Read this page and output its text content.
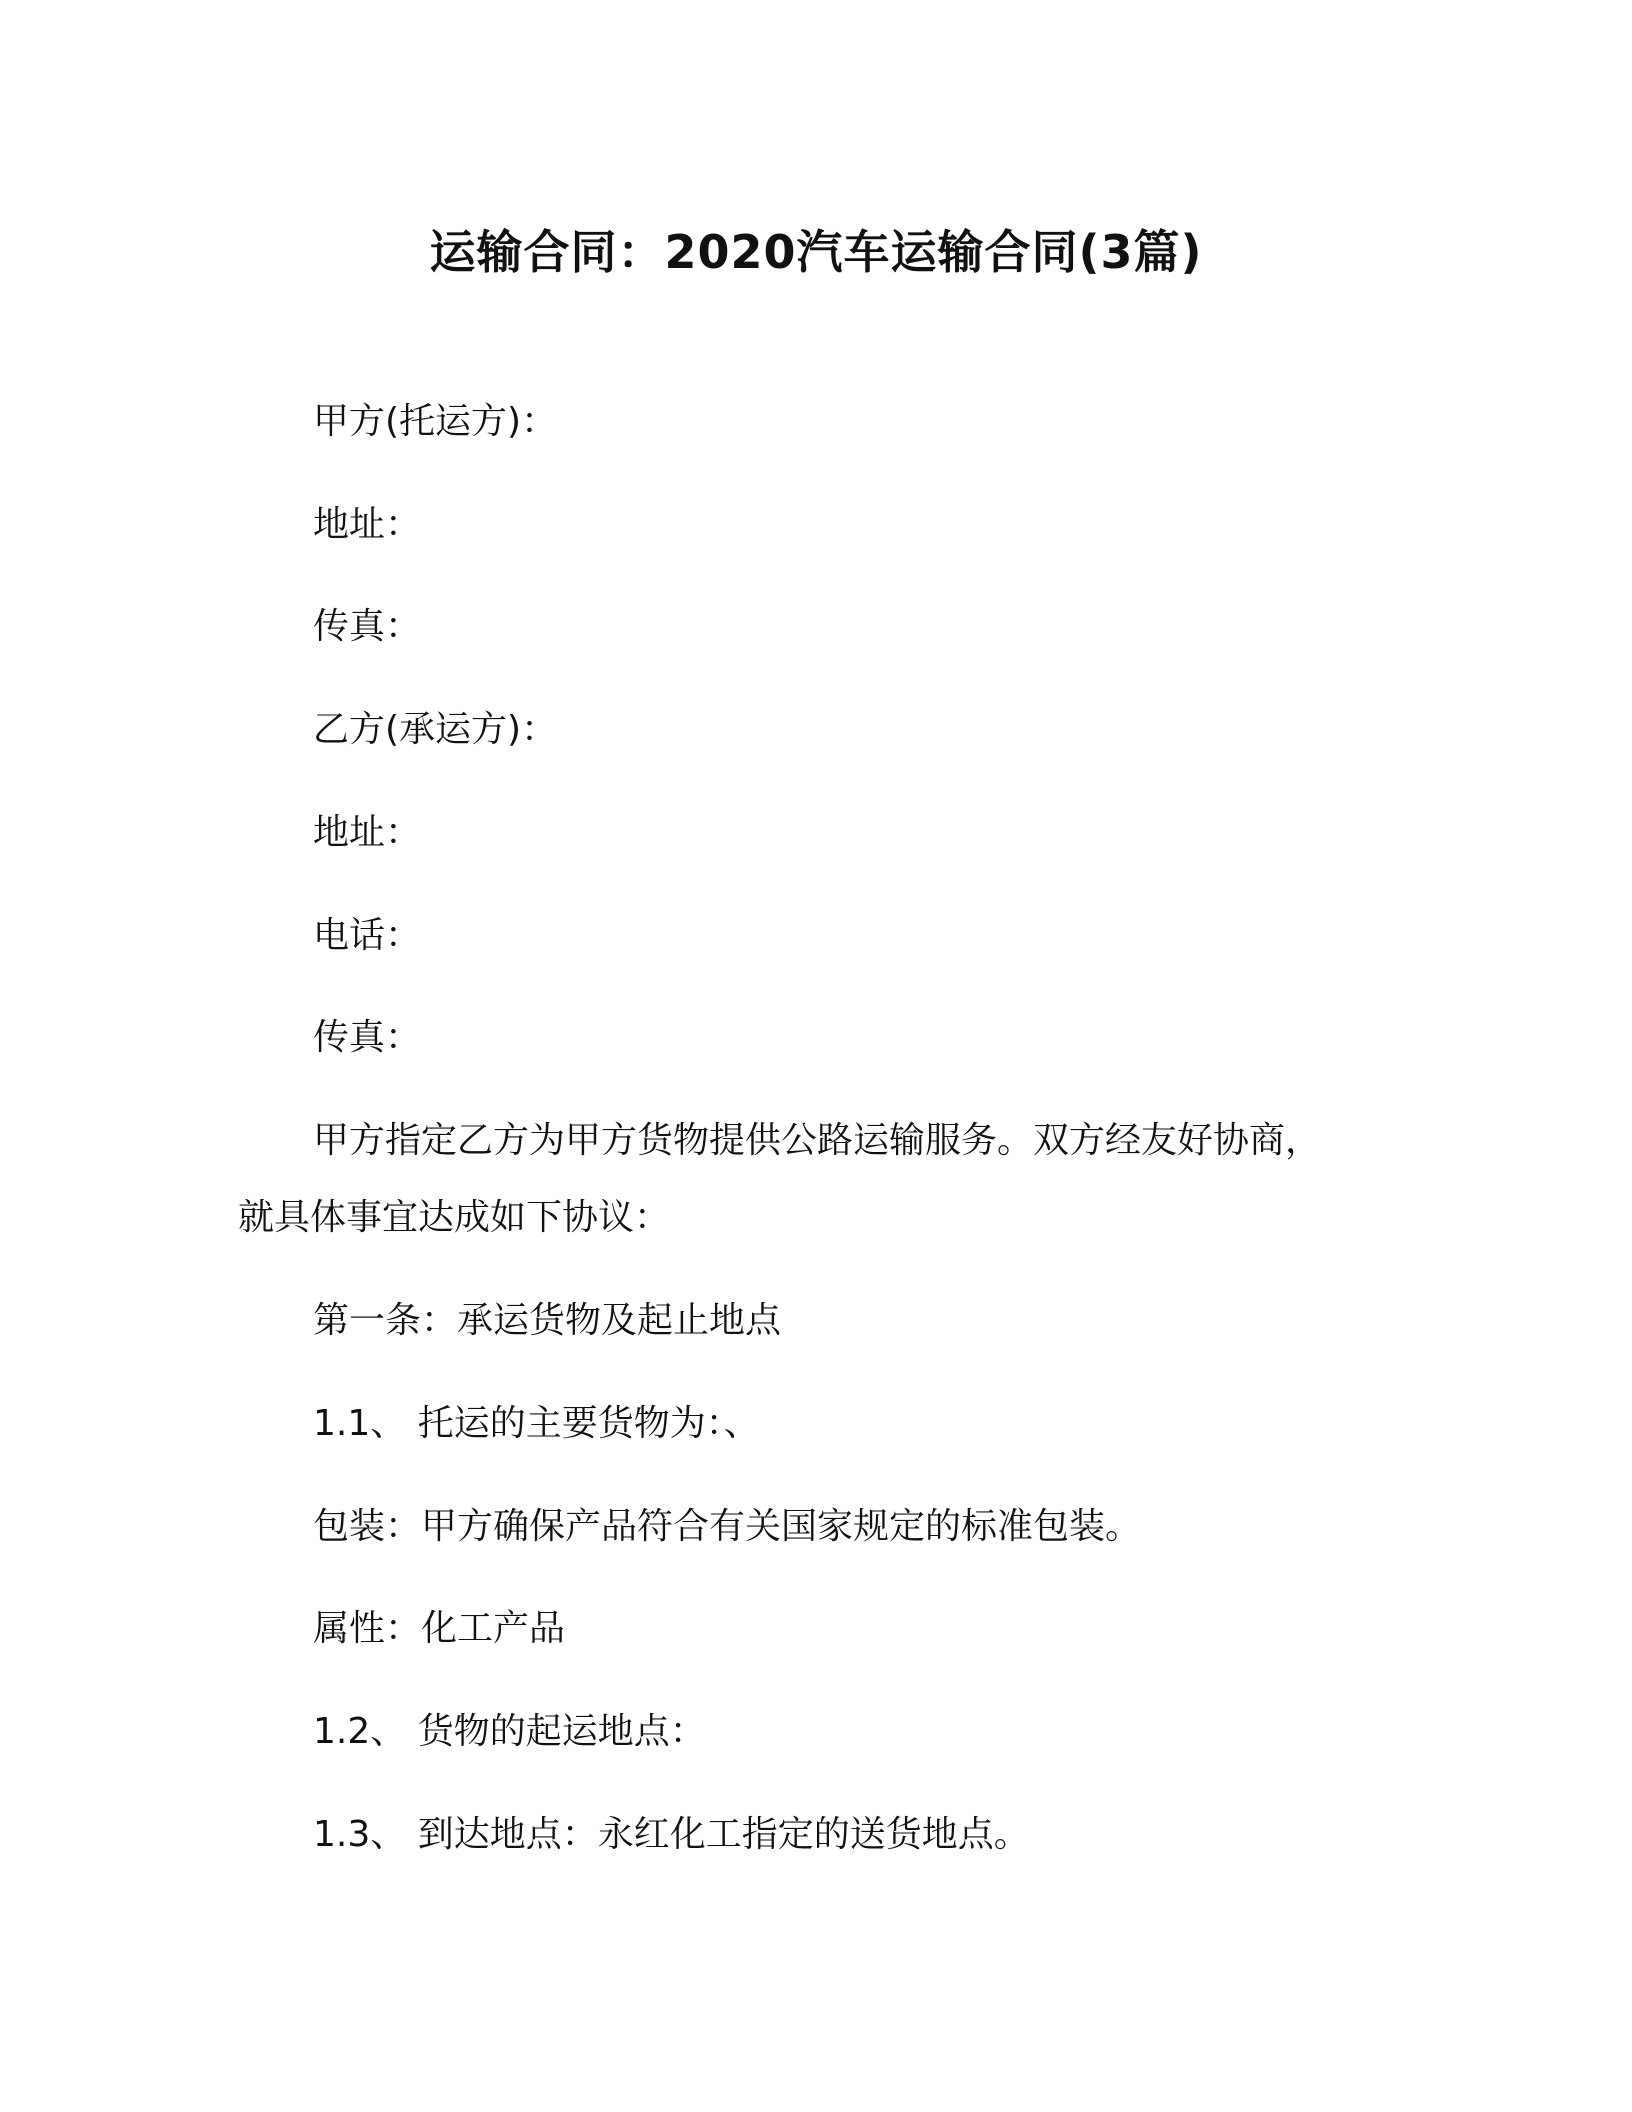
运输合同：2020汽车运输合同(3篇)
甲方(托运方)：
地址：
传真：
乙方(承运方)：
地址：
电话：
传真：
甲方指定乙方为甲方货物提供公路运输服务。双方经友好协商，
就具体事宜达成如下协议：
第一条：承运货物及起止地点
1.1、 托运的主要货物为：、
包装：甲方确保产品符合有关国家规定的标准包装。
属性：化工产品
1.2、 货物的起运地点：
1.3、 到达地点：永红化工指定的送货地点。
